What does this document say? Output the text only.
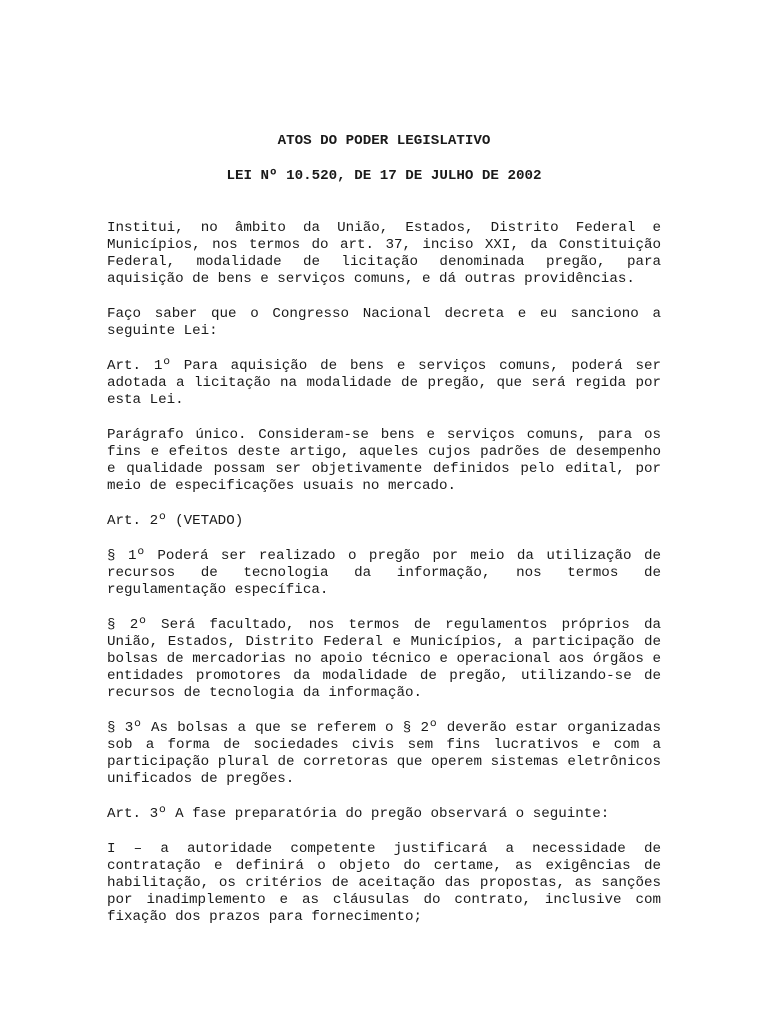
ATOS DO PODER LEGISLATIVO

LEI Nº 10.520, DE 17 DE JULHO DE 2002

Institui, no âmbito da União, Estados, Distrito Federal e Municípios, nos termos do art. 37, inciso XXI, da Constituição Federal, modalidade de licitação denominada pregão, para aquisição de bens e serviços comuns, e dá outras providências.

Faço saber que o Congresso Nacional decreta e eu sanciono a seguinte Lei:

Art. 1º Para aquisição de bens e serviços comuns, poderá ser adotada a licitação na modalidade de pregão, que será regida por esta Lei.

Parágrafo único. Consideram-se bens e serviços comuns, para os fins e efeitos deste artigo, aqueles cujos padrões de desempenho e qualidade possam ser objetivamente definidos pelo edital, por meio de especificações usuais no mercado.

Art. 2º (VETADO)

§ 1º Poderá ser realizado o pregão por meio da utilização de recursos de tecnologia da informação, nos termos de regulamentação específica.

§ 2º Será facultado, nos termos de regulamentos próprios da União, Estados, Distrito Federal e Municípios, a participação de bolsas de mercadorias no apoio técnico e operacional aos órgãos e entidades promotores da modalidade de pregão, utilizando-se de recursos de tecnologia da informação.

§ 3º As bolsas a que se referem o § 2º deverão estar organizadas sob a forma de sociedades civis sem fins lucrativos e com a participação plural de corretoras que operem sistemas eletrônicos unificados de pregões.

Art. 3º A fase preparatória do pregão observará o seguinte:

I – a autoridade competente justificará a necessidade de contratação e definirá o objeto do certame, as exigências de habilitação, os critérios de aceitação das propostas, as sanções por inadimplemento e as cláusulas do contrato, inclusive com fixação dos prazos para fornecimento;
